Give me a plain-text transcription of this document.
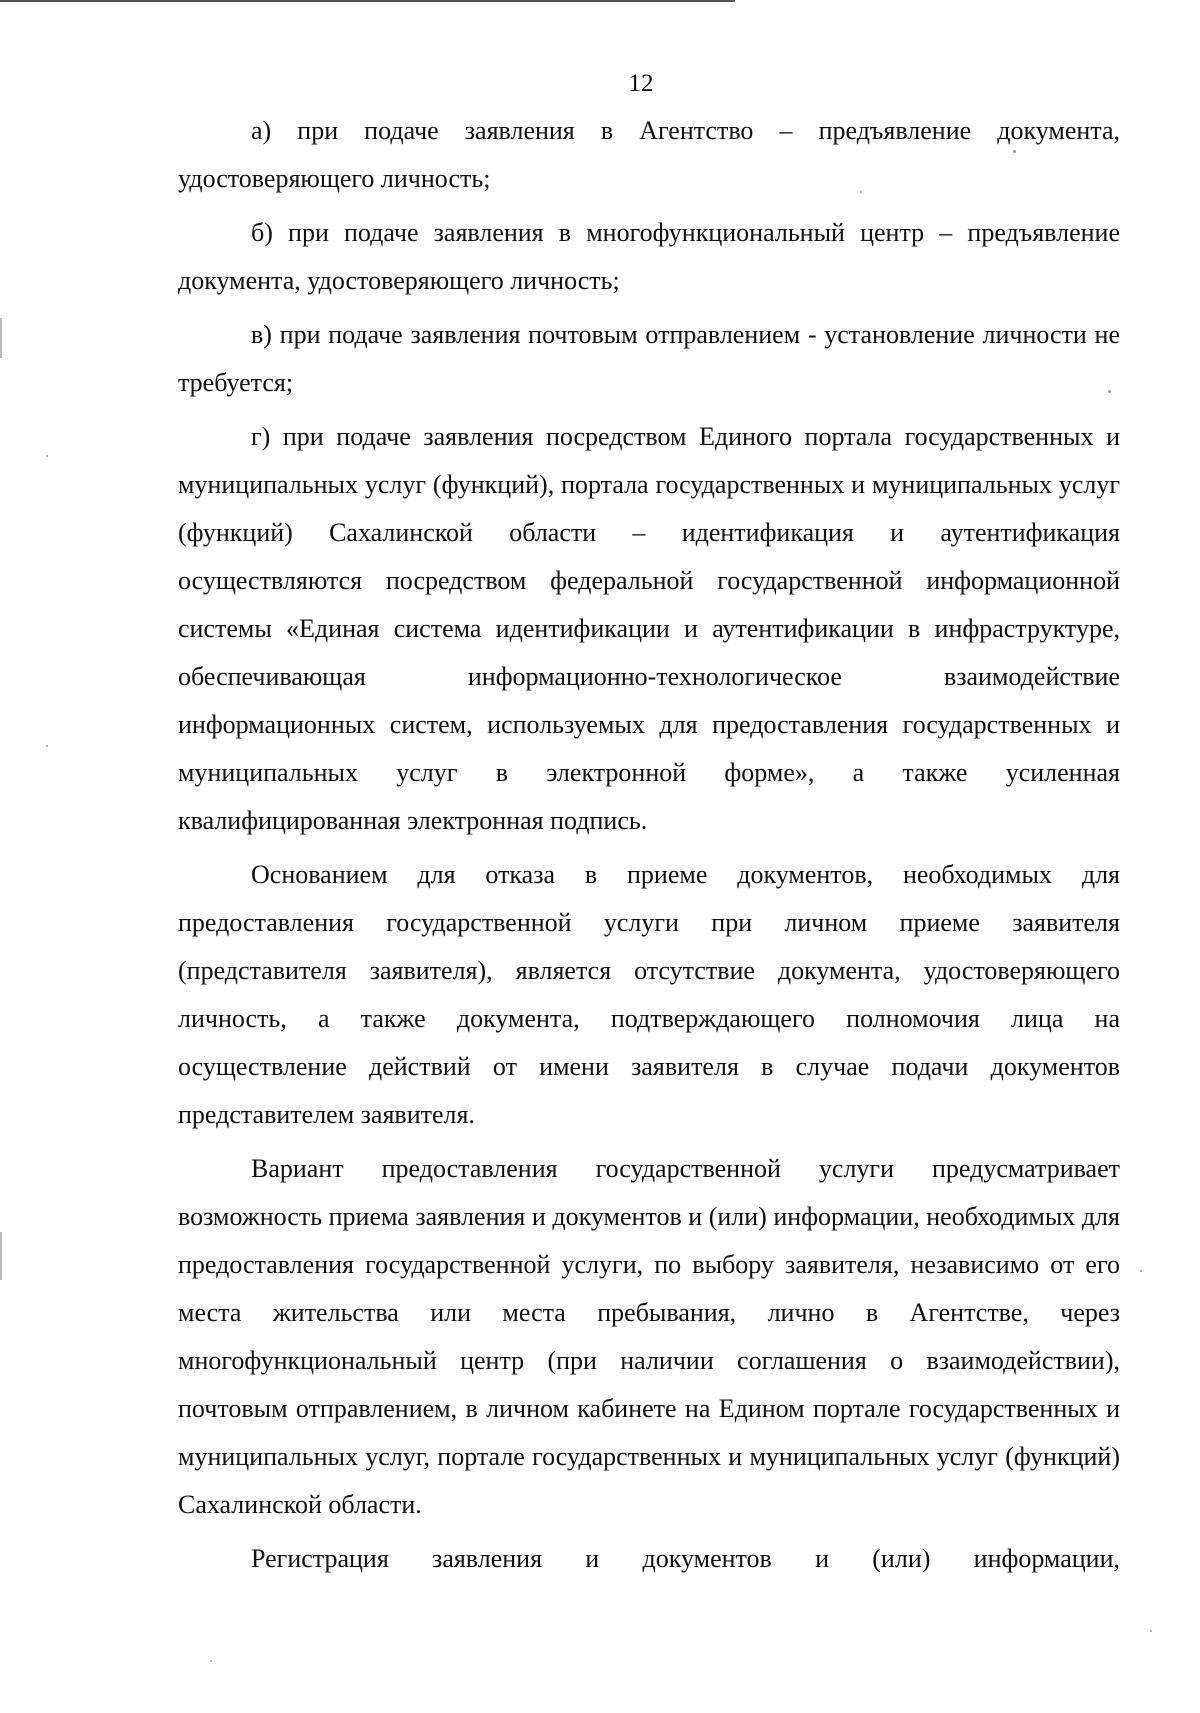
12

а) при подаче заявления в Агентство – предъявление документа, удостоверяющего личность;

б) при подаче заявления в многофункциональный центр – предъявление документа, удостоверяющего личность;

в) при подаче заявления почтовым отправлением - установление личности не требуется;

г) при подаче заявления посредством Единого портала государственных и муниципальных услуг (функций), портала государственных и муниципальных услуг (функций) Сахалинской области – идентификация и аутентификация осуществляются посредством федеральной государственной информационной системы «Единая система идентификации и аутентификации в инфраструктуре, обеспечивающая информационно-технологическое взаимодействие информационных систем, используемых для предоставления государственных и муниципальных услуг в электронной форме», а также усиленная квалифицированная электронная подпись.

Основанием для отказа в приеме документов, необходимых для предоставления государственной услуги при личном приеме заявителя (представителя заявителя), является отсутствие документа, удостоверяющего личность, а также документа, подтверждающего полномочия лица на осуществление действий от имени заявителя в случае подачи документов представителем заявителя.

Вариант предоставления государственной услуги предусматривает возможность приема заявления и документов и (или) информации, необходимых для предоставления государственной услуги, по выбору заявителя, независимо от его места жительства или места пребывания, лично в Агентстве, через многофункциональный центр (при наличии соглашения о взаимодействии), почтовым отправлением, в личном кабинете на Едином портале государственных и муниципальных услуг, портале государственных и муниципальных услуг (функций) Сахалинской области.

Регистрация заявления и документов и (или) информации,
